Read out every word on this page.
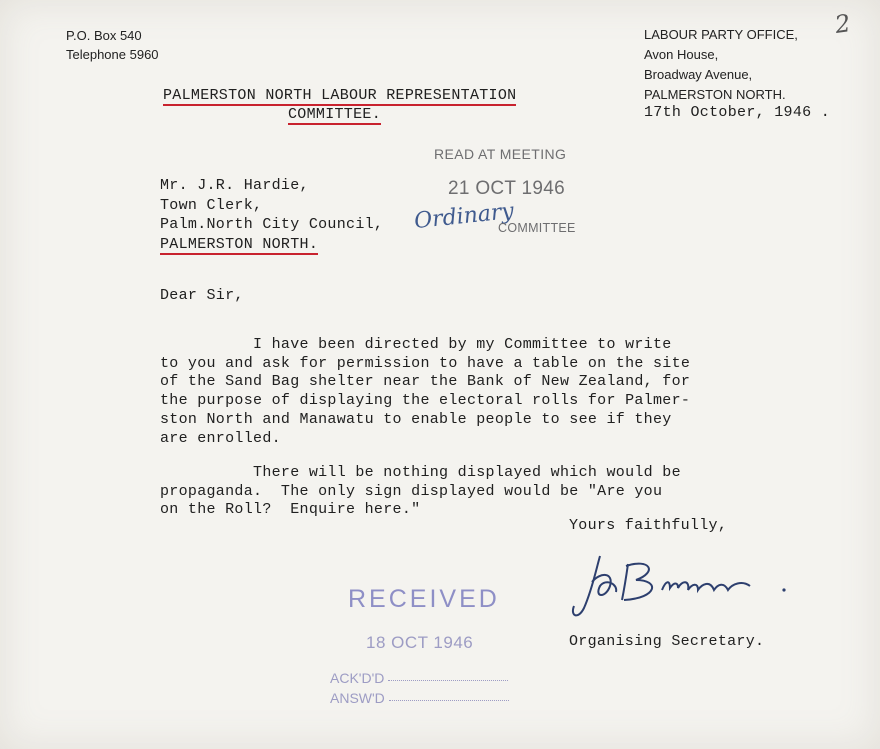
P.O. Box 540
Telephone 5960
LABOUR PARTY OFFICE,
Avon House,
Broadway Avenue,
PALMERSTON NORTH.
2
17th October, 1946 .
PALMERSTON NORTH LABOUR REPRESENTATION
COMMITTEE.
READ AT MEETING
21 OCT 1946
Ordinary
COMMITTEE
Mr. J.R. Hardie,
Town Clerk,
Palm.North City Council,
PALMERSTON NORTH.
Dear Sir,

I have been directed by my Committee to write
to you and ask for permission to have a table on the site
of the Sand Bag shelter near the Bank of New Zealand, for
the purpose of displaying the electoral rolls for Palmer-
ston North and Manawatu to enable people to see if they
are enrolled.

There will be nothing displayed which would be
propaganda.  The only sign displayed would be "Are you
on the Roll?  Enquire here."

Yours faithfully,
Organising Secretary.
RECEIVED
18 OCT 1946
ACK'D'D
ANSW'D
